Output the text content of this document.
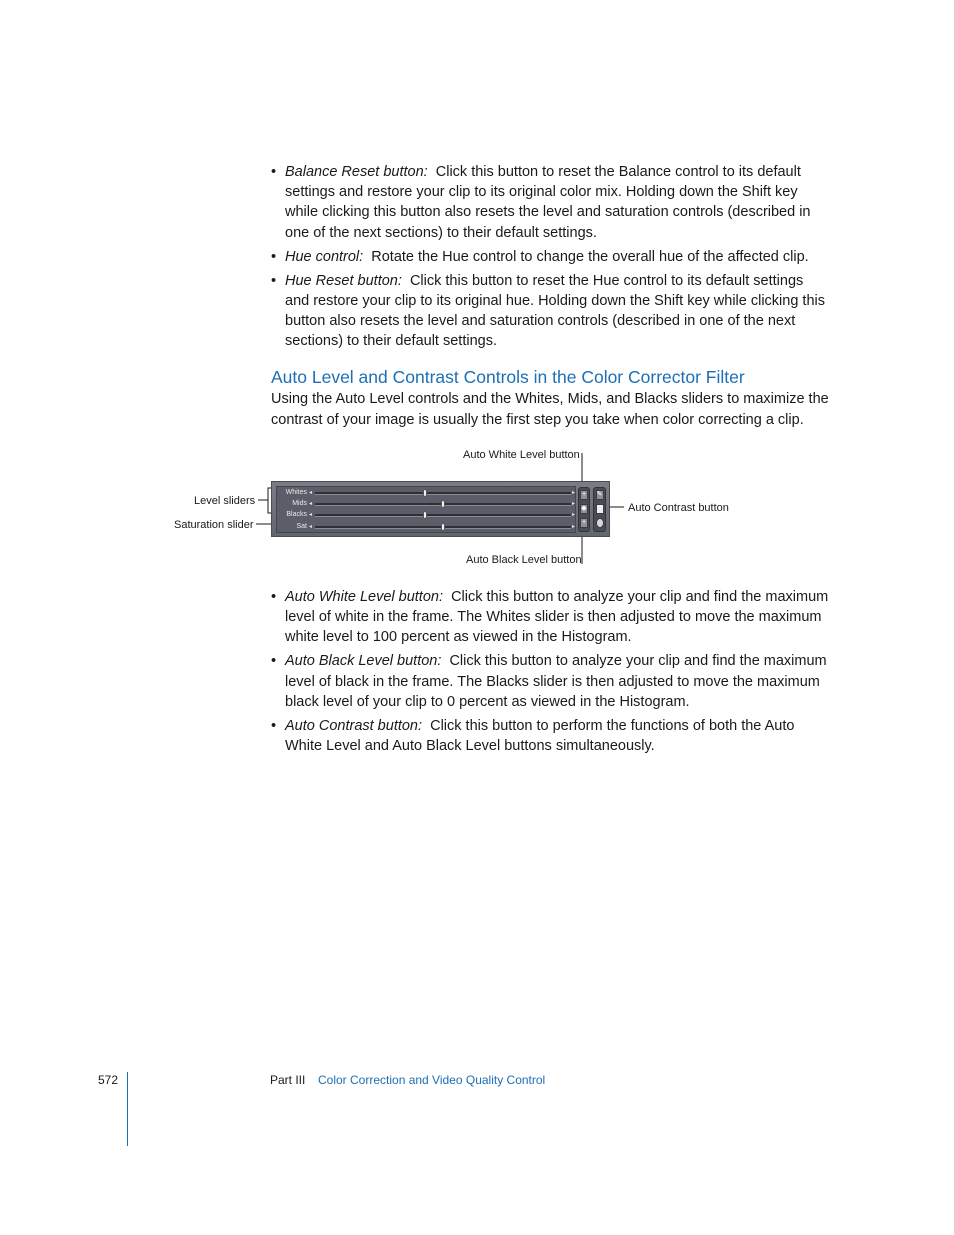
• Balance Reset button : Click this button to reset the Balance control to its default settings and restore your clip to its original color mix. Holding down the Shift key while clicking this button also resets the level and saturation controls (described in one of the next sections) to their default settings.
• Hue control : Rotate the Hue control to change the overall hue of the affected clip.
• Hue Reset button : Click this button to reset the Hue control to its default settings and restore your clip to its original hue. Holding down the Shift key while clicking this button also resets the level and saturation controls (described in one of the next sections) to their default settings.
Auto Level and Contrast Controls in the Color Corrector Filter

Using the Auto Level controls and the Whites, Mids, and Blacks sliders to maximize the contrast of your image is usually the first step you take when color correcting a clip.

Auto White Level button
Auto Black Level button
Auto Contrast button
Level sliders
Saturation slider
Whites ◂	▸
Mids ◂	▸
Blacks ◂	▸
Sat ◂	▸
+
◆
+
✎
• Auto White Level button : Click this button to analyze your clip and find the maximum level of white in the frame. The Whites slider is then adjusted to move the maximum white level to 100 percent as viewed in the Histogram.
• Auto Black Level button : Click this button to analyze your clip and find the maximum level of black in the frame. The Blacks slider is then adjusted to move the maximum black level of your clip to 0 percent as viewed in the Histogram.
• Auto Contrast button : Click this button to perform the functions of both the Auto White Level and Auto Black Level buttons simultaneously.
572	Part III Color Correction and Video Quality Control
